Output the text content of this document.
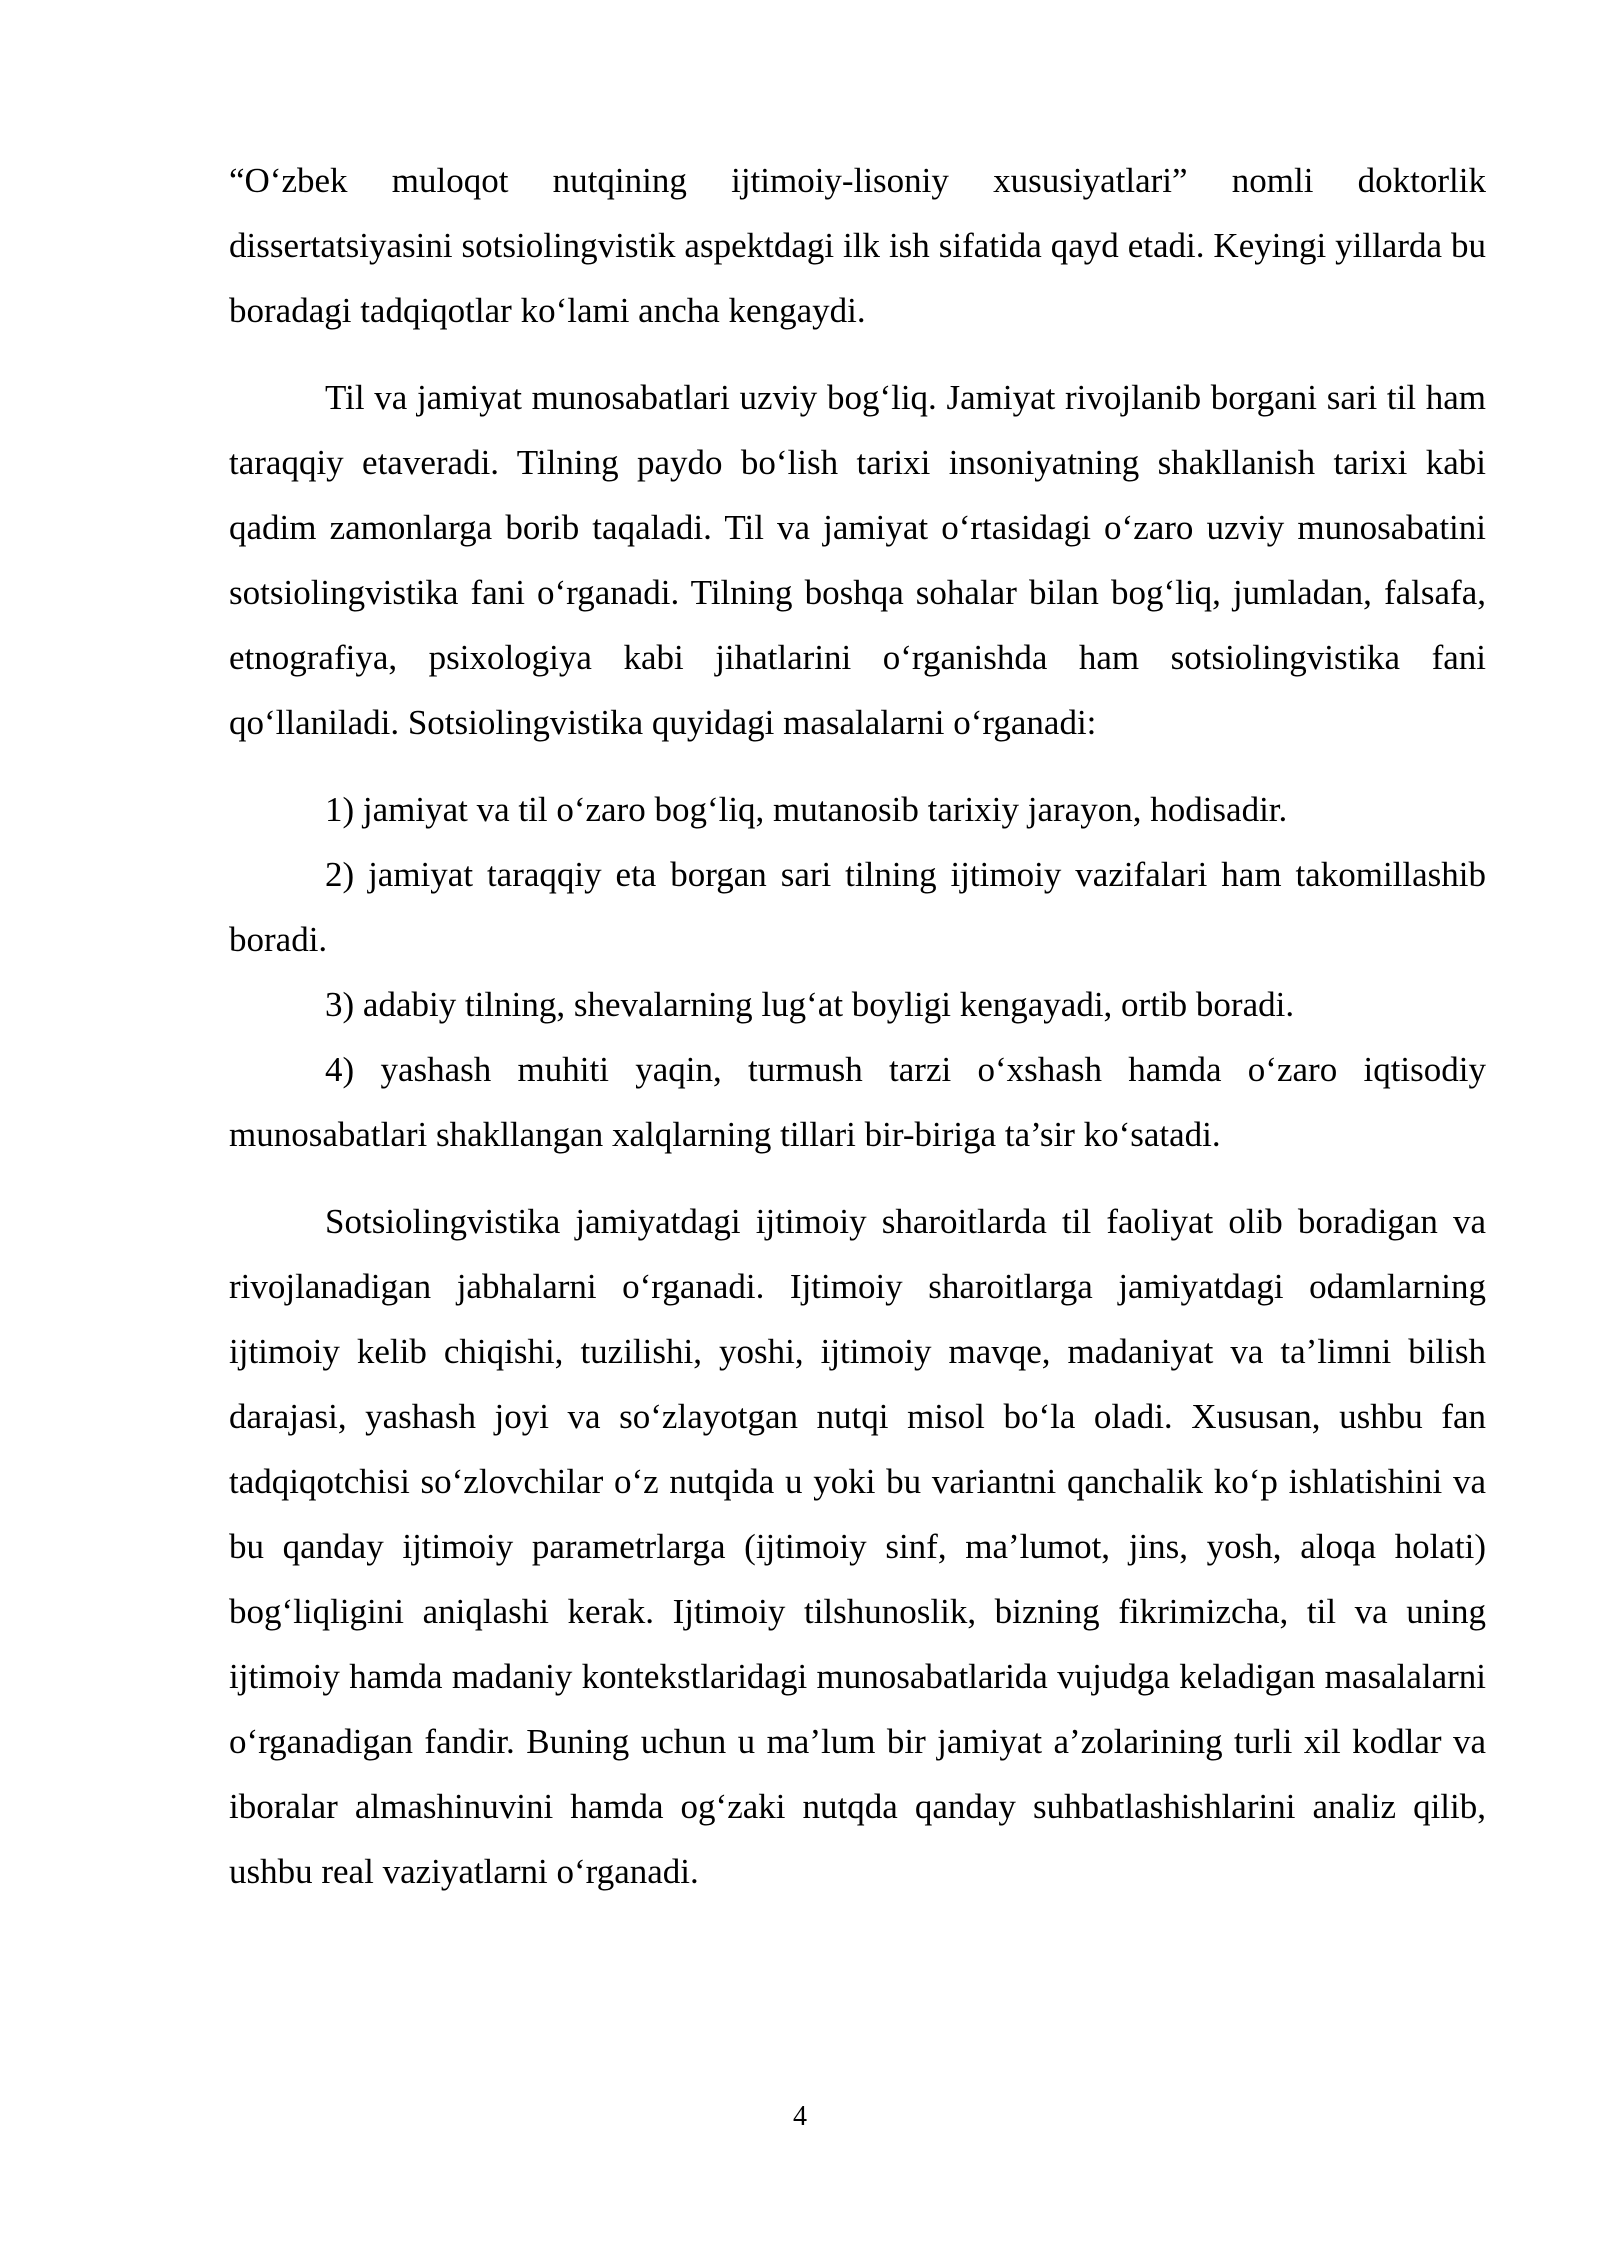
“O‘zbek muloqot nutqining ijtimoiy-lisoniy xususiyatlari” nomli doktorlik dissertatsiyasini sotsiolingvistik aspektdagi ilk ish sifatida qayd etadi. Keyingi yillarda bu boradagi tadqiqotlar ko‘lami ancha kengaydi.

Til va jamiyat munosabatlari uzviy bog‘liq. Jamiyat rivojlanib borgani sari til ham taraqqiy etaveradi. Tilning paydo bo‘lish tarixi insoniyatning shakllanish tarixi kabi qadim zamonlarga borib taqaladi. Til va jamiyat o‘rtasidagi o‘zaro uzviy munosabatini sotsiolingvistika fani o‘rganadi. Tilning boshqa sohalar bilan bog‘liq, jumladan, falsafa, etnografiya, psixologiya kabi jihatlarini o‘rganishda ham sotsiolingvistika fani qo‘llaniladi. Sotsiolingvistika quyidagi masalalarni o‘rganadi:

1) jamiyat va til o‘zaro bog‘liq, mutanosib tarixiy jarayon, hodisadir.

2) jamiyat taraqqiy eta borgan sari tilning ijtimoiy vazifalari ham takomillashib boradi.

3) adabiy tilning, shevalarning lug‘at boyligi kengayadi, ortib boradi.

4) yashash muhiti yaqin, turmush tarzi o‘xshash hamda o‘zaro iqtisodiy munosabatlari shakllangan xalqlarning tillari bir-biriga ta’sir ko‘satadi.

Sotsiolingvistika jamiyatdagi ijtimoiy sharoitlarda til faoliyat olib boradigan va rivojlanadigan jabhalarni o‘rganadi. Ijtimoiy sharoitlarga jamiyatdagi odamlarning ijtimoiy kelib chiqishi, tuzilishi, yoshi, ijtimoiy mavqe, madaniyat va ta’limni bilish darajasi, yashash joyi va so‘zlayotgan nutqi misol bo‘la oladi. Xususan, ushbu fan tadqiqotchisi so‘zlovchilar o‘z nutqida u yoki bu variantni qanchalik ko‘p ishlatishini va bu qanday ijtimoiy parametrlarga (ijtimoiy sinf, ma’lumot, jins, yosh, aloqa holati) bog‘liqligini aniqlashi kerak. Ijtimoiy tilshunoslik, bizning fikrimizcha, til va uning ijtimoiy hamda madaniy kontekstlaridagi munosabatlarida vujudga keladigan masalalarni o‘rganadigan fandir. Buning uchun u ma’lum bir jamiyat a’zolarining turli xil kodlar va iboralar almashinuvini hamda og‘zaki nutqda qanday suhbatlashishlarini analiz qilib, ushbu real vaziyatlarni o‘rganadi.

4
